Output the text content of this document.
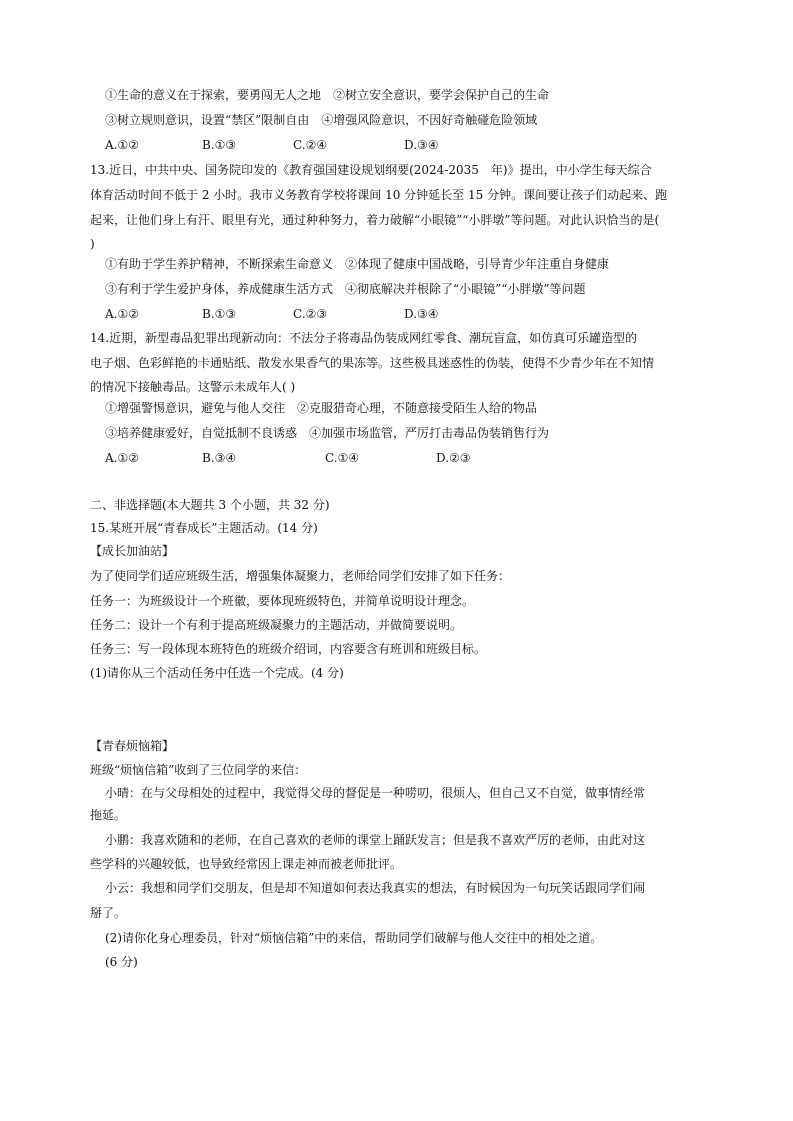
①生命的意义在于探索，要勇闯无人之地　②树立安全意识，要学会保护自己的生命
③树立规则意识，设置“禁区”限制自由　④增强风险意识，不因好奇触碰危险领域
A.①②	B.①③	C.②④	D.③④
13.近日，中共中央、国务院印发的《教育强国建设规划纲要(2024-2035　年)》提出，中小学生每天综合
体育活动时间不低于 2 小时。我市义务教育学校将课间 10 分钟延长至 15 分钟。课间要让孩子们动起来、跑
起来，让他们身上有汗、眼里有光，通过种种努力，着力破解“小眼镜”“小胖墩”等问题。对此认识恰当的是(
)
①有助于学生养护精神，不断探索生命意义　②体现了健康中国战略，引导青少年注重自身健康
③有利于学生爱护身体，养成健康生活方式　④彻底解决并根除了“小眼镜”“小胖墩”等问题
A.①②	B.①③	C.②③	D.③④
14.近期，新型毒品犯罪出现新动向：不法分子将毒品伪装成网红零食、潮玩盲盒，如仿真可乐罐造型的
电子烟、色彩鲜艳的卡通贴纸、散发水果香气的果冻等。这些极具迷惑性的伪装，使得不少青少年在不知情
的情况下接触毒品。这警示未成年人( )
①增强警惕意识，避免与他人交往　②克服猎奇心理，不随意接受陌生人给的物品
③培养健康爱好，自觉抵制不良诱惑　④加强市场监管，严厉打击毒品伪装销售行为
A.①②	B.③④	C.①④	D.②③
二、非选择题(本大题共 3 个小题，共 32 分)
15.某班开展“青春成长”主题活动。(14 分)
【成长加油站】
为了使同学们适应班级生活，增强集体凝聚力，老师给同学们安排了如下任务：
任务一：为班级设计一个班徽，要体现班级特色，并简单说明设计理念。
任务二：设计一个有利于提高班级凝聚力的主题活动，并做简要说明。
任务三：写一段体现本班特色的班级介绍词，内容要含有班训和班级目标。
(1)请你从三个活动任务中任选一个完成。(4 分)
【青春烦恼箱】
班级“烦恼信箱”收到了三位同学的来信：
小晴：在与父母相处的过程中，我觉得父母的督促是一种唠叨，很烦人，但自己又不自觉，做事情经常
拖延。
小鹏：我喜欢随和的老师，在自己喜欢的老师的课堂上踊跃发言；但是我不喜欢严厉的老师，由此对这
些学科的兴趣较低，也导致经常因上课走神而被老师批评。
小云：我想和同学们交朋友，但是却不知道如何表达我真实的想法，有时候因为一句玩笑话跟同学们闹
掰了。
(2)请你化身心理委员，针对“烦恼信箱”中的来信，帮助同学们破解与他人交往中的相处之道。
(6 分)
